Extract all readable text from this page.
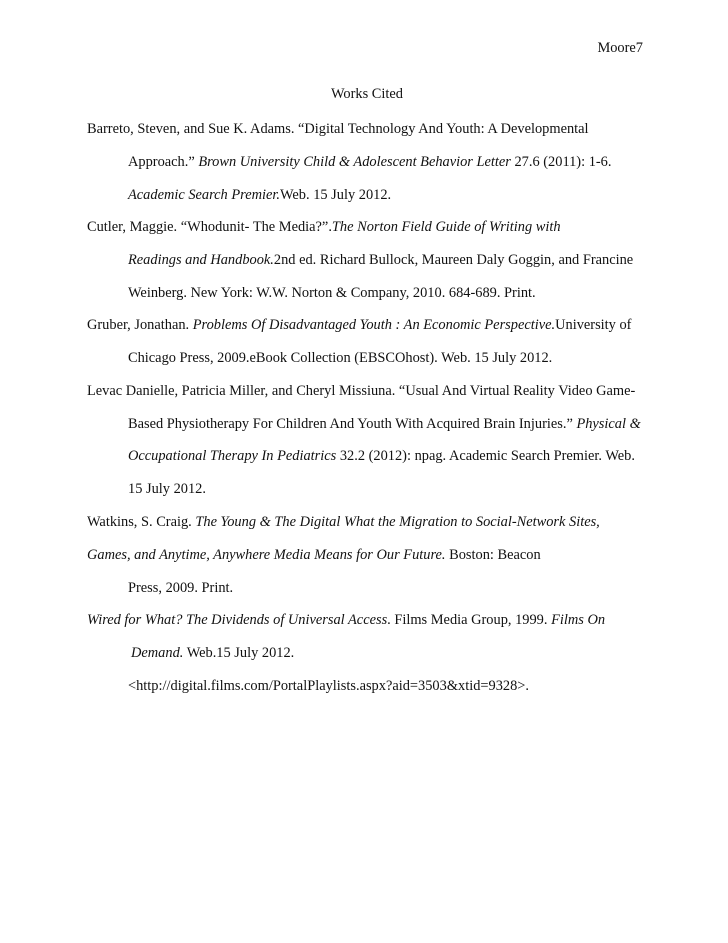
Moore7
Works Cited
Barreto, Steven, and Sue K. Adams. “Digital Technology And Youth: A Developmental
Approach.” Brown University Child & Adolescent Behavior Letter 27.6 (2011): 1-6.
Academic Search Premier.Web. 15 July 2012.
Cutler, Maggie. “Whodunit- The Media?”.The Norton Field Guide of Writing with
Readings and Handbook.2nd ed. Richard Bullock, Maureen Daly Goggin, and Francine
Weinberg. New York: W.W. Norton & Company, 2010. 684-689. Print.
Gruber, Jonathan. Problems Of Disadvantaged Youth : An Economic Perspective.University of
Chicago Press, 2009.eBook Collection (EBSCOhost). Web. 15 July 2012.
Levac Danielle, Patricia Miller, and Cheryl Missiuna. “Usual And Virtual Reality Video Game-
Based Physiotherapy For Children And Youth With Acquired Brain Injuries.” Physical &
Occupational Therapy In Pediatrics 32.2 (2012): npag. Academic Search Premier. Web.
15 July 2012.
Watkins, S. Craig. The Young & The Digital What the Migration to Social-Network Sites,
Games, and Anytime, Anywhere Media Means for Our Future. Boston: Beacon
Press, 2009. Print.
Wired for What? The Dividends of Universal Access. Films Media Group, 1999. Films On
Demand. Web.15 July 2012.
<http://digital.films.com/PortalPlaylists.aspx?aid=3503&xtid=9328>.
